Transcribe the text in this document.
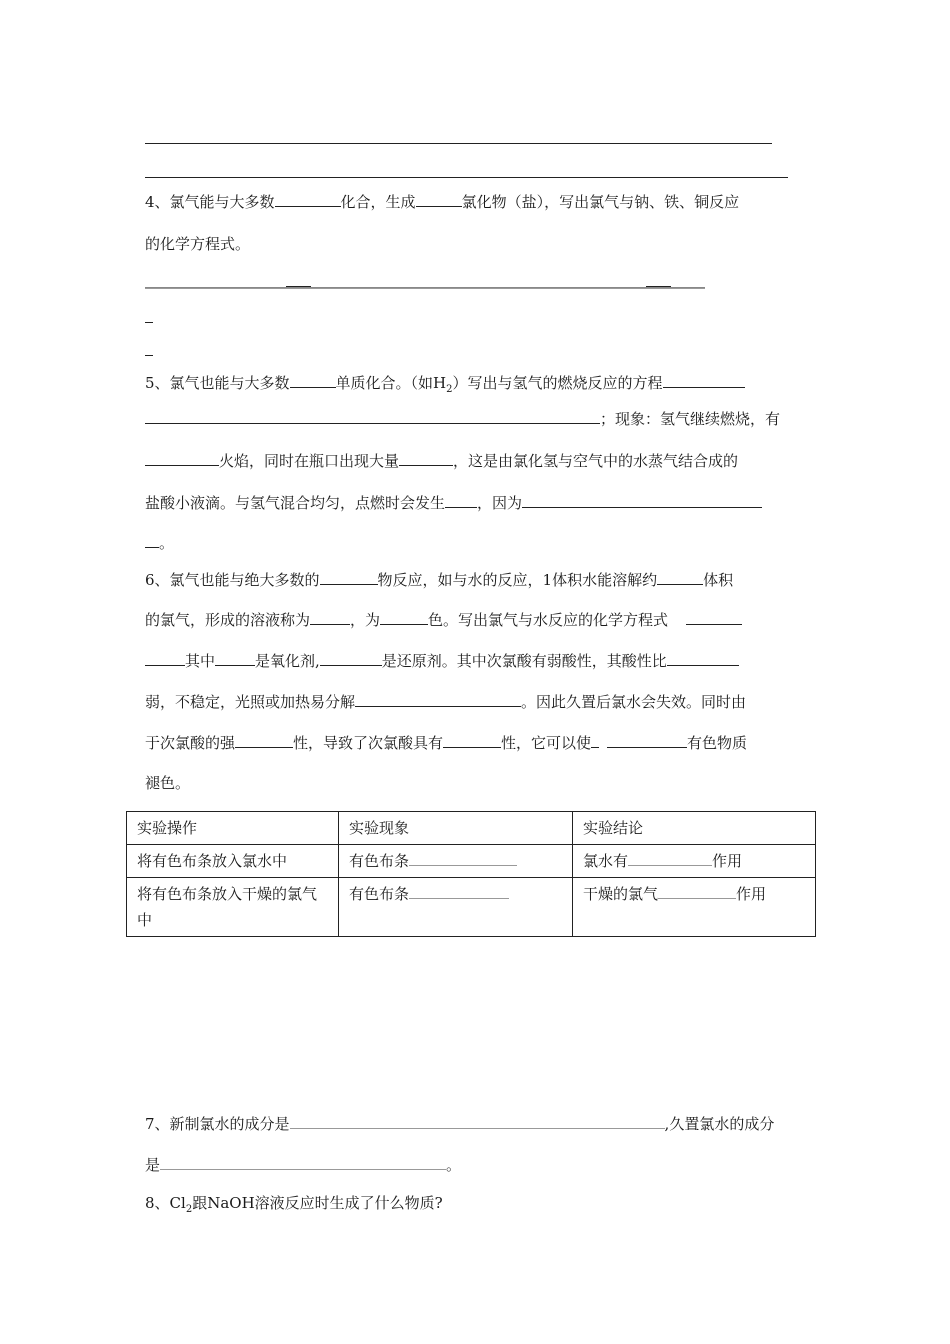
4、氯气能与大多数	化合，生成	氯化物（盐），写出氯气与钠、铁、铜反应
的化学方程式。
5、氯气也能与大多数	单质化合。（如$H_2$）写出与氢气的燃烧反应的方程
；现象：氢气继续燃烧，有
火焰，同时在瓶口出现大量	，这是由氯化氢与空气中的水蒸气结合成的
盐酸小液滴。与氢气混合均匀，点燃时会发生 ，因为
。
6、氯气也能与绝大多数的	物反应，如与水的反应，1体积水能溶解约	体积
的氯气，形成的溶液称为	，为	色。写出氯气与水反应的化学方程式
其中	是氧化剂,	是还原剂。其中次氯酸有弱酸性，其酸性比
弱，不稳定，光照或加热易分解	。因此久置后氯水会失效。同时由
于次氯酸的强	性，导致了次氯酸具有	性，它可以使	有色物质
褪色。
实验操作	实验现象	实验结论
将有色布条放入氯水中	有色布条	氯水有 作用
将有色布条放入干燥的氯气中	有色布条	干燥的氯气 作用
7、新制氯水的成分是	,久置氯水的成分
是	。
8、$Cl_2$跟NaOH溶液反应时生成了什么物质?
